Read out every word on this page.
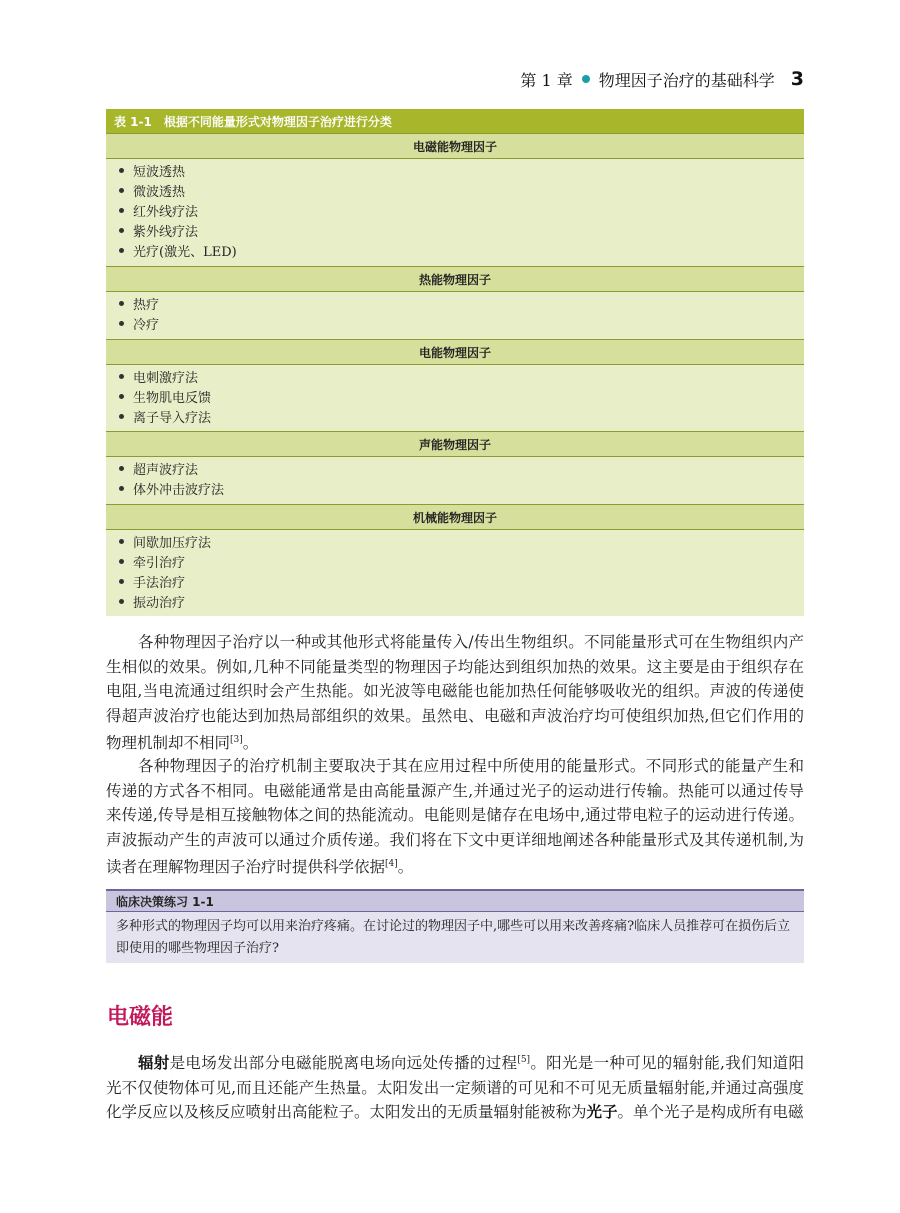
第 1 章 物理因子治疗的基础科学 3
表 1-1 根据不同能量形式对物理因子治疗进行分类
电磁能物理因子
短波透热
微波透热
红外线疗法
紫外线疗法
光疗(激光、LED)
热能物理因子
热疗
冷疗
电能物理因子
电刺激疗法
生物肌电反馈
离子导入疗法
声能物理因子
超声波疗法
体外冲击波疗法
机械能物理因子
间歇加压疗法
牵引治疗
手法治疗
振动治疗

各种物理因子治疗以一种或其他形式将能量传入/传出生物组织。不同能量形式可在生物组织内产生相似的效果。例如,几种不同能量类型的物理因子均能达到组织加热的效果。这主要是由于组织存在电阻,当电流通过组织时会产生热能。如光波等电磁能也能加热任何能够吸收光的组织。声波的传递使得超声波治疗也能达到加热局部组织的效果。虽然电、电磁和声波治疗均可使组织加热,但它们作用的物理机制却不相同[3]。

各种物理因子的治疗机制主要取决于其在应用过程中所使用的能量形式。不同形式的能量产生和传递的方式各不相同。电磁能通常是由高能量源产生,并通过光子的运动进行传输。热能可以通过传导来传递,传导是相互接触物体之间的热能流动。电能则是储存在电场中,通过带电粒子的运动进行传递。声波振动产生的声波可以通过介质传递。我们将在下文中更详细地阐述各种能量形式及其传递机制,为读者在理解物理因子治疗时提供科学依据[4]。

临床决策练习 1-1
多种形式的物理因子均可以用来治疗疼痛。在讨论过的物理因子中,哪些可以用来改善疼痛?临床人员推荐可在损伤后立即使用的哪些物理因子治疗?
电磁能

辐射是电场发出部分电磁能脱离电场向远处传播的过程[5]。阳光是一种可见的辐射能,我们知道阳光不仅使物体可见,而且还能产生热量。太阳发出一定频谱的可见和不可见无质量辐射能,并通过高强度化学反应以及核反应喷射出高能粒子。太阳发出的无质量辐射能被称为光子。单个光子是构成所有电磁
